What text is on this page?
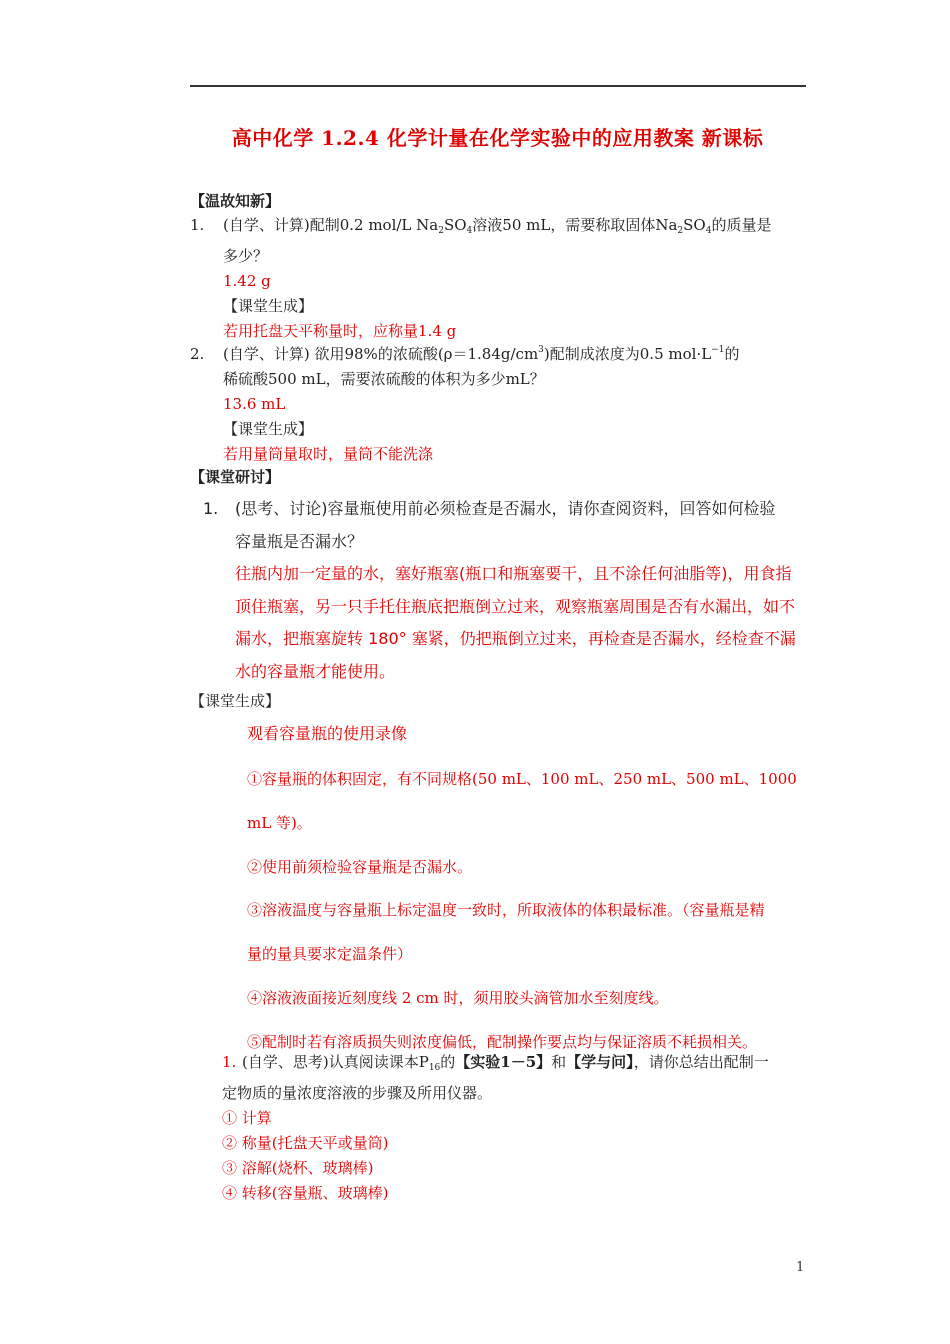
高中化学 1.2.4 化学计量在化学实验中的应用教案 新课标
【温故知新】
1. (自学、计算)配制0.2 mol/L $Na_2SO_4$溶液50 mL，需要称取固体$Na_2SO_4$的质量是
多少？
1.42 g
【课堂生成】
若用托盘天平称量时，应称量1.4 g
2. (自学、计算) 欲用98%的浓硫酸$(\rho=1.84g/cm^3)$配制成浓度为0.5 $mol\cdot L^{-1}$的
稀硫酸500 mL，需要浓硫酸的体积为多少mL？
13.6 mL
【课堂生成】
若用量筒量取时，量筒不能洗涤
【课堂研讨】
1. (思考、讨论)容量瓶使用前必须检查是否漏水，请你查阅资料，回答如何检验
容量瓶是否漏水？
往瓶内加一定量的水，塞好瓶塞(瓶口和瓶塞要干，且不涂任何油脂等)，用食指
顶住瓶塞，另一只手托住瓶底把瓶倒立过来，观察瓶塞周围是否有水漏出，如不
漏水，把瓶塞旋转 180° 塞紧，仍把瓶倒立过来，再检查是否漏水，经检查不漏
水的容量瓶才能使用。
【课堂生成】
观看容量瓶的使用录像
①容量瓶的体积固定，有不同规格(50 mL、100 mL、250 mL、500 mL、1000
mL 等)。
②使用前须检验容量瓶是否漏水。
③溶液温度与容量瓶上标定温度一致时，所取液体的体积最标准。（容量瓶是精
量的量具要求定温条件）
④溶液液面接近刻度线 2 cm 时，须用胶头滴管加水至刻度线。
⑤配制时若有溶质损失则浓度偏低，配制操作要点均与保证溶质不耗损相关。
1. (自学、思考)认真阅读课本$P_{16}$的【实验1－5】和【学与问】，请你总结出配制一
定物质的量浓度溶液的步骤及所用仪器。
① 计算
② 称量(托盘天平或量筒)
③ 溶解(烧杯、玻璃棒)
④ 转移(容量瓶、玻璃棒)
1
